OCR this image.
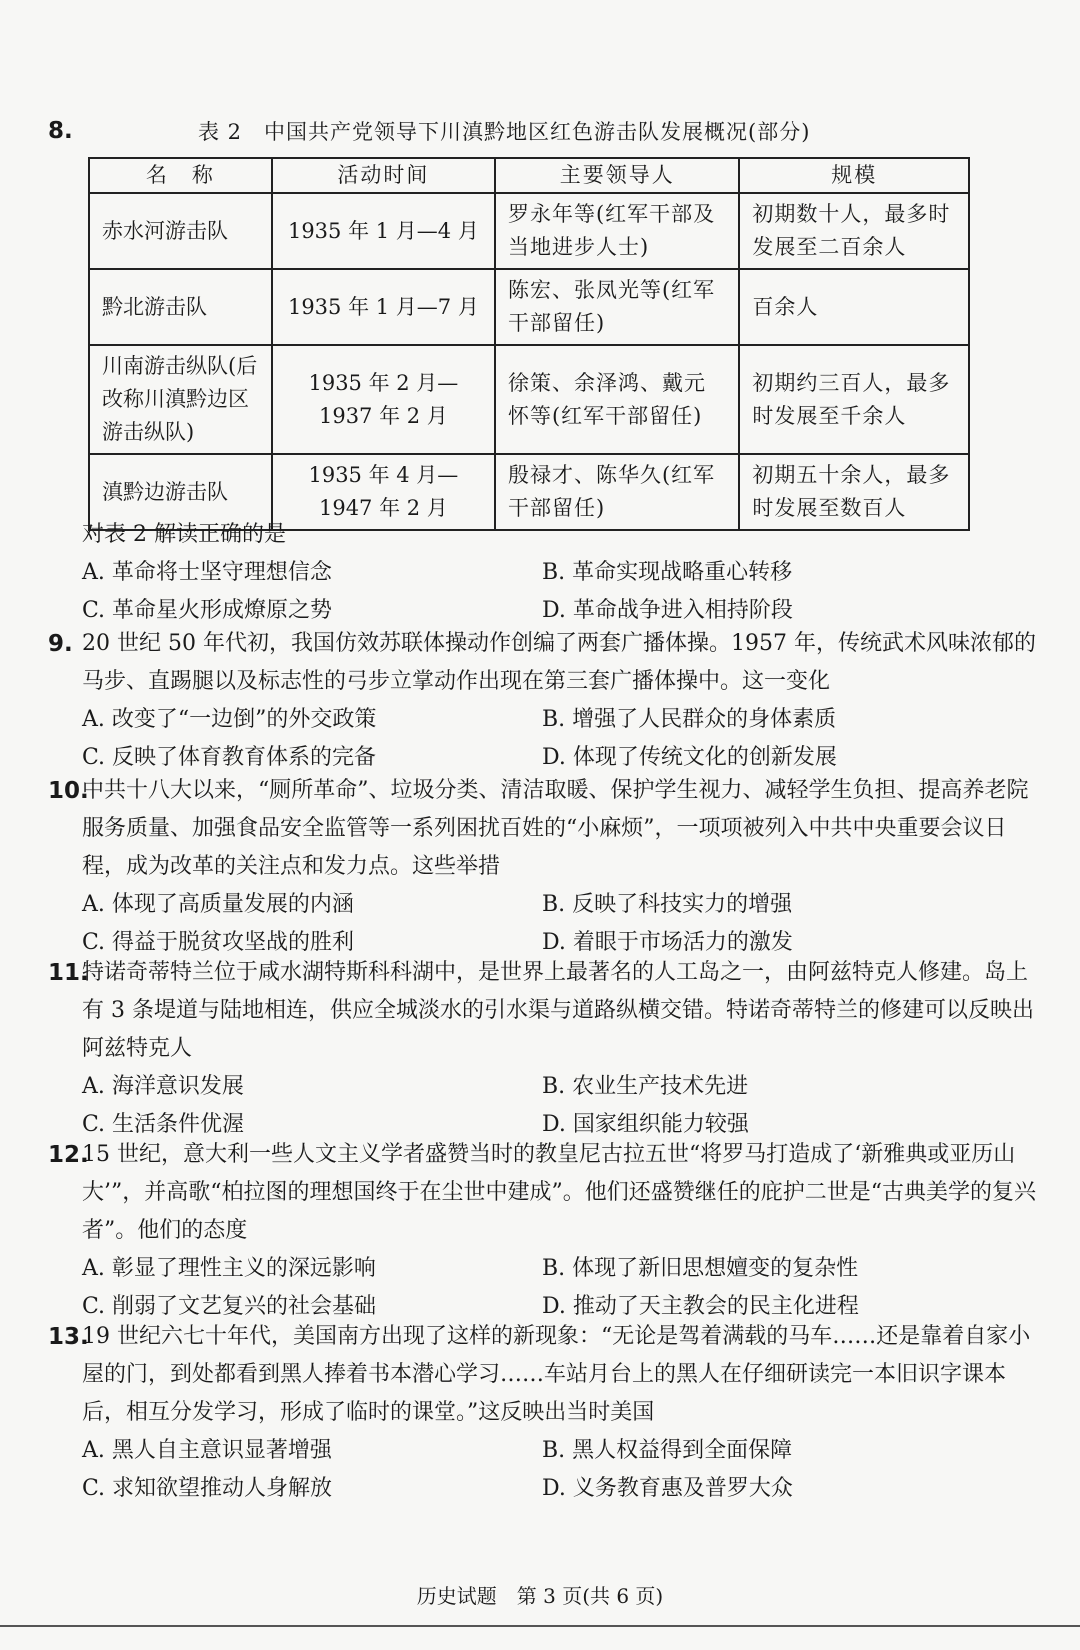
8.	表 2　中国共产党领导下川滇黔地区红色游击队发展概况(部分)
名　称	活动时间	主要领导人	规模
赤水河游击队	1935 年 1 月—4 月	罗永年等(红军干部及当地进步人士)	初期数十人，最多时发展至二百余人
黔北游击队	1935 年 1 月—7 月	陈宏、张凤光等(红军干部留任)	百余人
川南游击纵队(后改称川滇黔边区游击纵队)	1935 年 2 月—1937 年 2 月	徐策、余泽鸿、戴元怀等(红军干部留任)	初期约三百人，最多时发展至千余人
滇黔边游击队	1935 年 4 月—1947 年 2 月	殷禄才、陈华久(红军干部留任)	初期五十余人，最多时发展至数百人
对表 2 解读正确的是
A. 革命将士坚守理想信念	B. 革命实现战略重心转移
C. 革命星火形成燎原之势	D. 革命战争进入相持阶段
9. 20 世纪 50 年代初，我国仿效苏联体操动作创编了两套广播体操。1957 年，传统武术风味浓郁的马步、直踢腿以及标志性的弓步立掌动作出现在第三套广播体操中。这一变化
A. 改变了“一边倒”的外交政策	B. 增强了人民群众的身体素质
C. 反映了体育教育体系的完备	D. 体现了传统文化的创新发展
10.
中共十八大以来，“厕所革命”、垃圾分类、清洁取暖、保护学生视力、减轻学生负担、提高养老院服务质量、加强食品安全监管等一系列困扰百姓的“小麻烦”，一项项被列入中共中央重要会议日程，成为改革的关注点和发力点。这些举措
A. 体现了高质量发展的内涵	B. 反映了科技实力的增强
C. 得益于脱贫攻坚战的胜利	D. 着眼于市场活力的激发
11.
特诺奇蒂特兰位于咸水湖特斯科科湖中，是世界上最著名的人工岛之一，由阿兹特克人修建。岛上有 3 条堤道与陆地相连，供应全城淡水的引水渠与道路纵横交错。特诺奇蒂特兰的修建可以反映出阿兹特克人
A. 海洋意识发展	B. 农业生产技术先进
C. 生活条件优渥	D. 国家组织能力较强
12.
15 世纪，意大利一些人文主义学者盛赞当时的教皇尼古拉五世“将罗马打造成了‘新雅典或亚历山大’”，并高歌“柏拉图的理想国终于在尘世中建成”。他们还盛赞继任的庇护二世是“古典美学的复兴者”。他们的态度
A. 彰显了理性主义的深远影响	B. 体现了新旧思想嬗变的复杂性
C. 削弱了文艺复兴的社会基础	D. 推动了天主教会的民主化进程
13.
19 世纪六七十年代，美国南方出现了这样的新现象：“无论是驾着满载的马车……还是靠着自家小屋的门，到处都看到黑人捧着书本潜心学习……车站月台上的黑人在仔细研读完一本旧识字课本后，相互分发学习，形成了临时的课堂。”这反映出当时美国
A. 黑人自主意识显著增强	B. 黑人权益得到全面保障
C. 求知欲望推动人身解放	D. 义务教育惠及普罗大众
历史试题　第 3 页(共 6 页)
